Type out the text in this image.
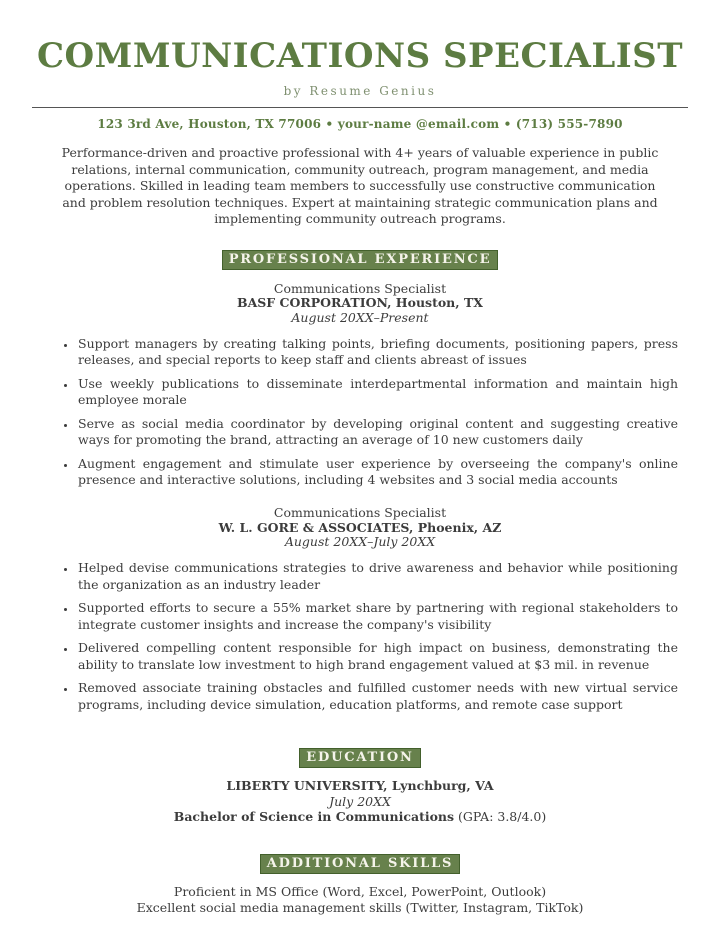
COMMUNICATIONS SPECIALIST
by Resume Genius
123 3rd Ave, Houston, TX 77006 • your-name @email.com • (713) 555-7890

Performance-driven and proactive professional with 4+ years of valuable experience in public relations, internal communication, community outreach, program management, and media operations. Skilled in leading team members to successfully use constructive communication and problem resolution techniques. Expert at maintaining strategic communication plans and implementing community outreach programs.

PROFESSIONAL EXPERIENCE
Communications Specialist
BASF CORPORATION, Houston, TX
August 20XX–Present
• Support managers by creating talking points, briefing documents, positioning papers, press releases, and special reports to keep staff and clients abreast of issues
• Use weekly publications to disseminate interdepartmental information and maintain high employee morale
• Serve as social media coordinator by developing original content and suggesting creative ways for promoting the brand, attracting an average of 10 new customers daily
• Augment engagement and stimulate user experience by overseeing the company's online presence and interactive solutions, including 4 websites and 3 social media accounts
Communications Specialist
W. L. GORE & ASSOCIATES, Phoenix, AZ
August 20XX–July 20XX
• Helped devise communications strategies to drive awareness and behavior while positioning the organization as an industry leader
• Supported efforts to secure a 55% market share by partnering with regional stakeholders to integrate customer insights and increase the company's visibility
• Delivered compelling content responsible for high impact on business, demonstrating the ability to translate low investment to high brand engagement valued at $3 mil. in revenue
• Removed associate training obstacles and fulfilled customer needs with new virtual service programs, including device simulation, education platforms, and remote case support
EDUCATION
LIBERTY UNIVERSITY, Lynchburg, VA
July 20XX
Bachelor of Science in Communications (GPA: 3.8/4.0)
ADDITIONAL SKILLS
Proficient in MS Office (Word, Excel, PowerPoint, Outlook)
Excellent social media management skills (Twitter, Instagram, TikTok)
